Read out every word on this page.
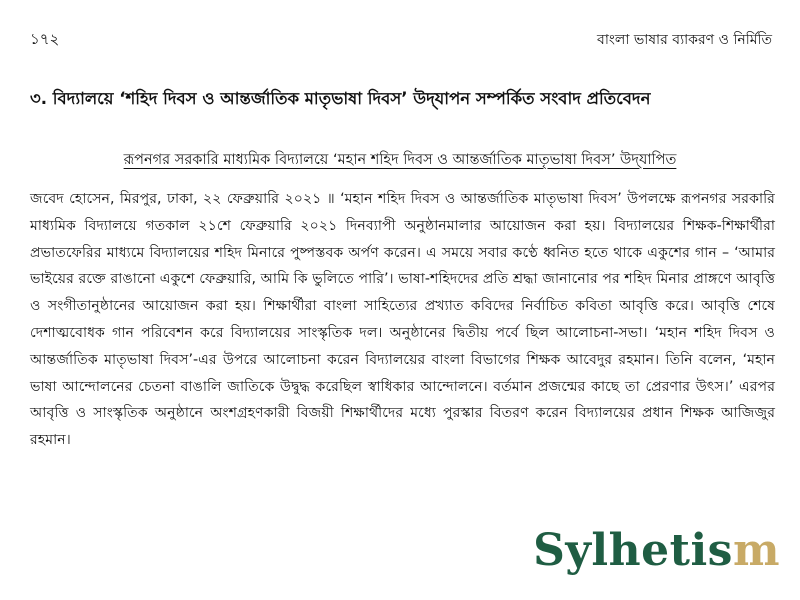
১৭২	বাংলা ভাষার ব্যাকরণ ও নির্মিতি
৩. বিদ্যালয়ে ‘শহিদ দিবস ও আন্তর্জাতিক মাতৃভাষা দিবস’ উদ্‌যাপন সম্পর্কিত সংবাদ প্রতিবেদন
রূপনগর সরকারি মাধ্যমিক বিদ্যালয়ে ‘মহান শহিদ দিবস ও আন্তর্জাতিক মাতৃভাষা দিবস’ উদ্‌যাপিত
জবেদ হোসেন, মিরপুর, ঢাকা, ২২ ফেব্রুয়ারি ২০২১ ॥ ‘মহান শহিদ দিবস ও আন্তর্জাতিক মাতৃভাষা দিবস’ উপলক্ষে রূপনগর সরকারি মাধ্যমিক বিদ্যালয়ে গতকাল ২১শে ফেব্রুয়ারি ২০২১ দিনব্যাপী অনুষ্ঠানমালার আয়োজন করা হয়। বিদ্যালয়ের শিক্ষক-শিক্ষার্থীরা প্রভাতফেরির মাধ্যমে বিদ্যালয়ের শহিদ মিনারে পুষ্পস্তবক অর্পণ করেন। এ সময়ে সবার কণ্ঠে ধ্বনিত হতে থাকে একুশের গান – ‘আমার ভাইয়ের রক্তে রাঙানো একুশে ফেব্রুয়ারি, আমি কি ভুলিতে পারি’। ভাষা-শহিদদের প্রতি শ্রদ্ধা জানানোর পর শহিদ মিনার প্রাঙ্গণে আবৃত্তি ও সংগীতানুষ্ঠানের আয়োজন করা হয়। শিক্ষার্থীরা বাংলা সাহিত্যের প্রখ্যাত কবিদের নির্বাচিত কবিতা আবৃত্তি করে। আবৃত্তি শেষে দেশাত্মবোধক গান পরিবেশন করে বিদ্যালয়ের সাংস্কৃতিক দল। অনুষ্ঠানের দ্বিতীয় পর্বে ছিল আলোচনা-সভা। ‘মহান শহিদ দিবস ও আন্তর্জাতিক মাতৃভাষা দিবস’-এর উপরে আলোচনা করেন বিদ্যালয়ের বাংলা বিভাগের শিক্ষক আবেদুর রহমান। তিনি বলেন, ‘মহান ভাষা আন্দোলনের চেতনা বাঙালি জাতিকে উদ্বুদ্ধ করেছিল স্বাধিকার আন্দোলনে। বর্তমান প্রজন্মের কাছে তা প্রেরণার উৎস।’ এরপর আবৃত্তি ও সাংস্কৃতিক অনুষ্ঠানে অংশগ্রহণকারী বিজয়ী শিক্ষার্থীদের মধ্যে পুরস্কার বিতরণ করেন বিদ্যালয়ের প্রধান শিক্ষক আজিজুর রহমান।
Sylhetism
